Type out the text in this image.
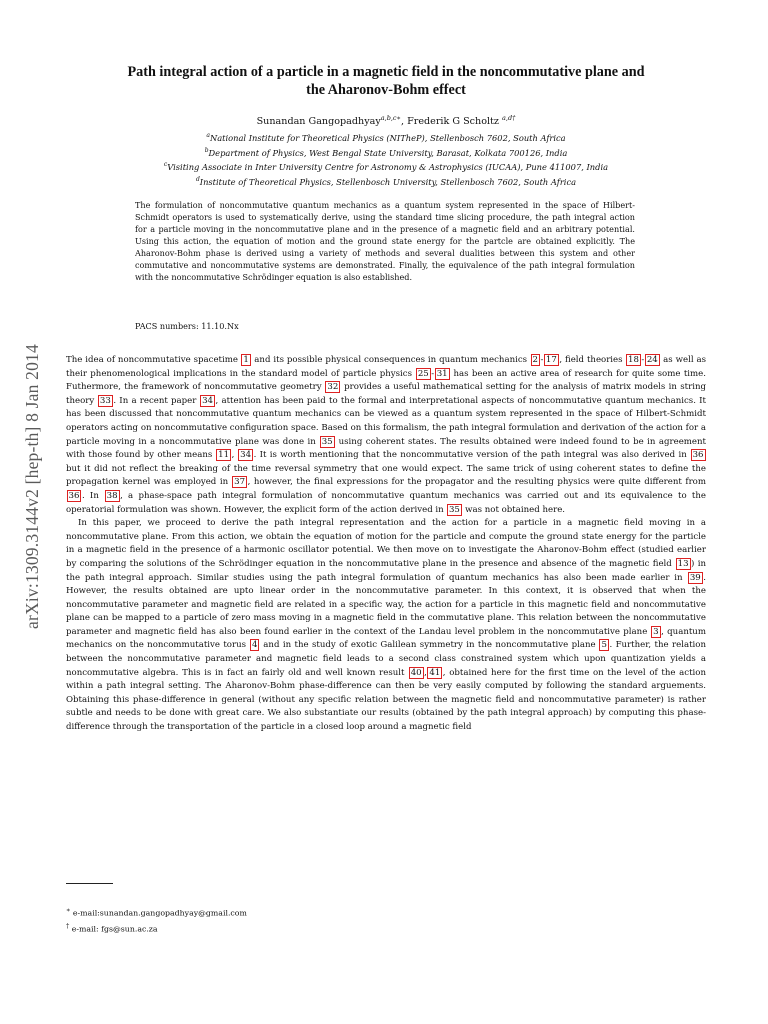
arXiv:1309.3144v2 [hep-th] 8 Jan 2014
Path integral action of a particle in a magnetic field in the noncommutative plane and
the Aharonov-Bohm effect
Sunandan Gangopadhyay$^{a,b,c∗}$, Frederik G Scholtz $^{a,d\dagger}$
$^a$National Institute for Theoretical Physics (NITheP), Stellenbosch 7602, South Africa
$^b$Department of Physics, West Bengal State University, Barasat, Kolkata 700126, India
$^c$Visiting Associate in Inter University Centre for Astronomy & Astrophysics (IUCAA), Pune 411007, India
$^d$Institute of Theoretical Physics, Stellenbosch University, Stellenbosch 7602, South Africa
The formulation of noncommutative quantum mechanics as a quantum system represented in the space of Hilbert-Schmidt operators is used to systematically derive, using the standard time slicing procedure, the path integral action for a particle moving in the noncommutative plane and in the presence of a magnetic field and an arbitrary potential. Using this action, the equation of motion and the ground state energy for the partcle are obtained explicitly. The Aharonov-Bohm phase is derived using a variety of methods and several dualities between this system and other commutative and noncommutative systems are demonstrated. Finally, the equivalence of the path integral formulation with the noncommutative Schrödinger equation is also established.
PACS numbers: 11.10.Nx

The idea of noncommutative spacetime 1 and its possible physical consequences in quantum mechanics 2 - 17 , field theories 18 - 24 as well as their phenomenological implications in the standard model of particle physics 25 - 31 has been an active area of research for quite some time. Futhermore, the framework of noncommutative geometry 32 provides a useful mathematical setting for the analysis of matrix models in string theory 33 . In a recent paper 34 , attention has been paid to the formal and interpretational aspects of noncommutative quantum mechanics. It has been discussed that noncommutative quantum mechanics can be viewed as a quantum system represented in the space of Hilbert-Schmidt operators acting on noncommutative configuration space. Based on this formalism, the path integral formulation and derivation of the action for a particle moving in a noncommutative plane was done in 35 using coherent states. The results obtained were indeed found to be in agreement with those found by other means 11 , 34 . It is worth mentioning that the noncommutative version of the path integral was also derived in 36 but it did not reflect the breaking of the time reversal symmetry that one would expect. The same trick of using coherent states to define the propagation kernel was employed in 37 , however, the final expressions for the propagator and the resulting physics were quite different from 36 . In 38 , a phase-space path integral formulation of noncommutative quantum mechanics was carried out and its equivalence to the operatorial formulation was shown. However, the explicit form of the action derived in 35 was not obtained here.

In this paper, we proceed to derive the path integral representation and the action for a particle in a magnetic field moving in a noncommutative plane. From this action, we obtain the equation of motion for the particle and compute the ground state energy for the particle in a magnetic field in the presence of a harmonic oscillator potential. We then move on to investigate the Aharonov-Bohm effect (studied earlier by comparing the solutions of the Schrödinger equation in the noncommutative plane in the presence and absence of the magnetic field 13 ) in the path integral approach. Similar studies using the path integral formulation of quantum mechanics has also been made earlier in 39 . However, the results obtained are upto linear order in the noncommutative parameter. In this context, it is observed that when the noncommutative parameter and magnetic field are related in a specific way, the action for a particle in this magnetic field and noncommutative plane can be mapped to a particle of zero mass moving in a magnetic field in the commutative plane. This relation between the noncommutative parameter and magnetic field has also been found earlier in the context of the Landau level problem in the noncommutative plane 3 , quantum mechanics on the noncommutative torus 4 and in the study of exotic Galilean symmetry in the noncommutative plane 5 . Further, the relation between the noncommutative parameter and magnetic field leads to a second class constrained system which upon quantization yields a noncommutative algebra. This is in fact an fairly old and well known result 40 , 41 , obtained here for the first time on the level of the action within a path integral setting. The Aharonov-Bohm phase-difference can then be very easily computed by following the standard arguements. Obtaining this phase-difference in general (without any specific relation between the magnetic field and noncommutative parameter) is rather subtle and needs to be done with great care. We also substantiate our results (obtained by the path integral approach) by computing this phase-difference through the transportation of the particle in a closed loop around a magnetic field

∗ e-mail:sunandan.gangopadhyay@gmail.com
† e-mail: fgs@sun.ac.za
